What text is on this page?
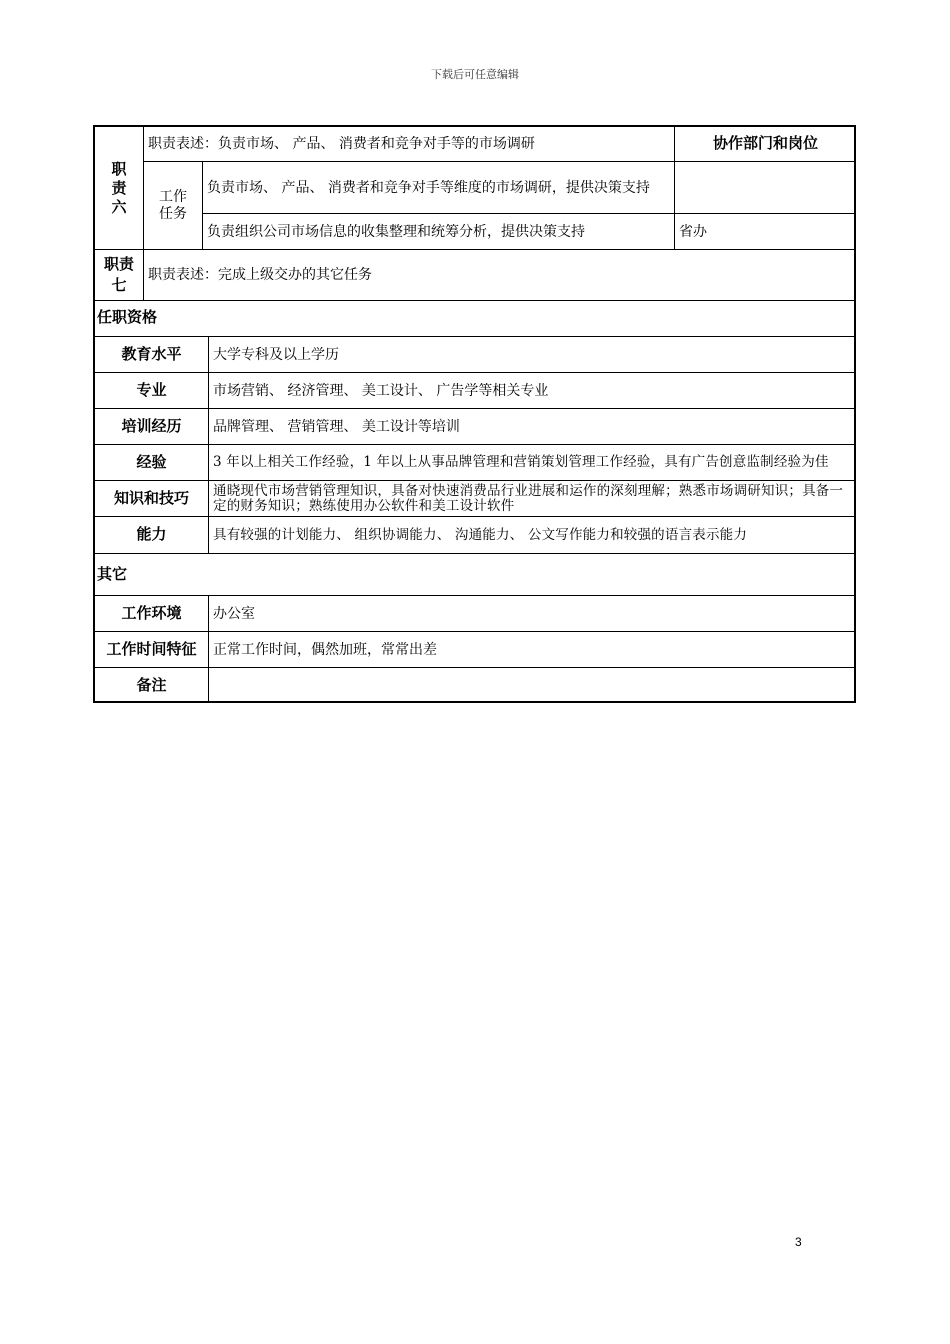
下载后可任意编辑
职
责
六
职责表述：负责市场、 产品、 消费者和竞争对手等的市场调研	协作部门和岗位
工作
任务
负责市场、 产品、 消费者和竞争对手等维度的市场调研，提供决策支持
负责组织公司市场信息的收集整理和统筹分析，提供决策支持	省办
职责
七
职责表述：完成上级交办的其它任务
任职资格
教育水平	大学专科及以上学历
专业	市场营销、 经济管理、 美工设计、 广告学等相关专业
培训经历	品牌管理、 营销管理、 美工设计等培训
经验	3 年以上相关工作经验，1 年以上从事品牌管理和营销策划管理工作经验，具有广告创意监制经验为佳
知识和技巧	通晓现代市场营销管理知识，具备对快速消费品行业进展和运作的深刻理解；熟悉市场调研知识；具备一定的财务知识；熟练使用办公软件和美工设计软件
能力	具有较强的计划能力、 组织协调能力、 沟通能力、 公文写作能力和较强的语言表示能力
其它
工作环境	办公室
工作时间特征	正常工作时间，偶然加班，常常出差
备注
3
